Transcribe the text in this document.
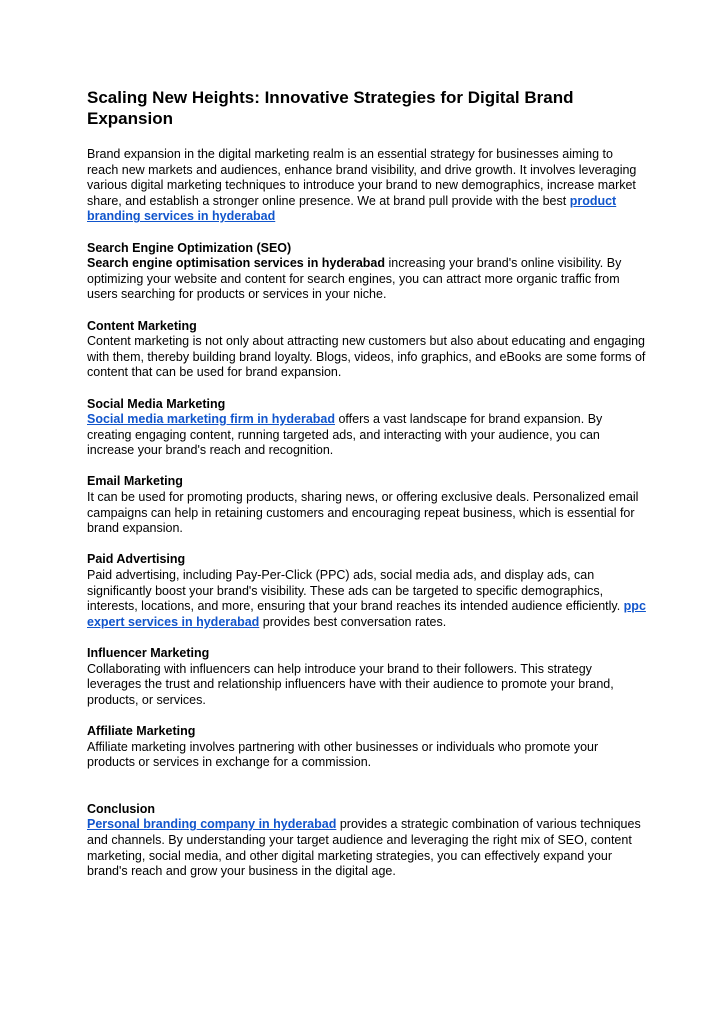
Scaling New Heights: Innovative Strategies for Digital Brand Expansion

Brand expansion in the digital marketing realm is an essential strategy for businesses aiming to reach new markets and audiences, enhance brand visibility, and drive growth. It involves leveraging various digital marketing techniques to introduce your brand to new demographics, increase market share, and establish a stronger online presence. We at brand pull provide with the best product branding services in hyderabad

Search Engine Optimization (SEO)

Search engine optimisation services in hyderabad increasing your brand's online visibility. By optimizing your website and content for search engines, you can attract more organic traffic from users searching for products or services in your niche.

Content Marketing

Content marketing is not only about attracting new customers but also about educating and engaging with them, thereby building brand loyalty. Blogs, videos, info graphics, and eBooks are some forms of content that can be used for brand expansion.

Social Media Marketing

Social media marketing firm in hyderabad offers a vast landscape for brand expansion. By creating engaging content, running targeted ads, and interacting with your audience, you can increase your brand's reach and recognition.

Email Marketing

It can be used for promoting products, sharing news, or offering exclusive deals. Personalized email campaigns can help in retaining customers and encouraging repeat business, which is essential for brand expansion.

Paid Advertising

Paid advertising, including Pay-Per-Click (PPC) ads, social media ads, and display ads, can significantly boost your brand's visibility. These ads can be targeted to specific demographics, interests, locations, and more, ensuring that your brand reaches its intended audience efficiently. ppc expert services in hyderabad provides best conversation rates.

Influencer Marketing

Collaborating with influencers can help introduce your brand to their followers. This strategy leverages the trust and relationship influencers have with their audience to promote your brand, products, or services.

Affiliate Marketing

Affiliate marketing involves partnering with other businesses or individuals who promote your products or services in exchange for a commission.

Conclusion

Personal branding company in hyderabad provides a strategic combination of various techniques and channels. By understanding your target audience and leveraging the right mix of SEO, content marketing, social media, and other digital marketing strategies, you can effectively expand your brand's reach and grow your business in the digital age.
